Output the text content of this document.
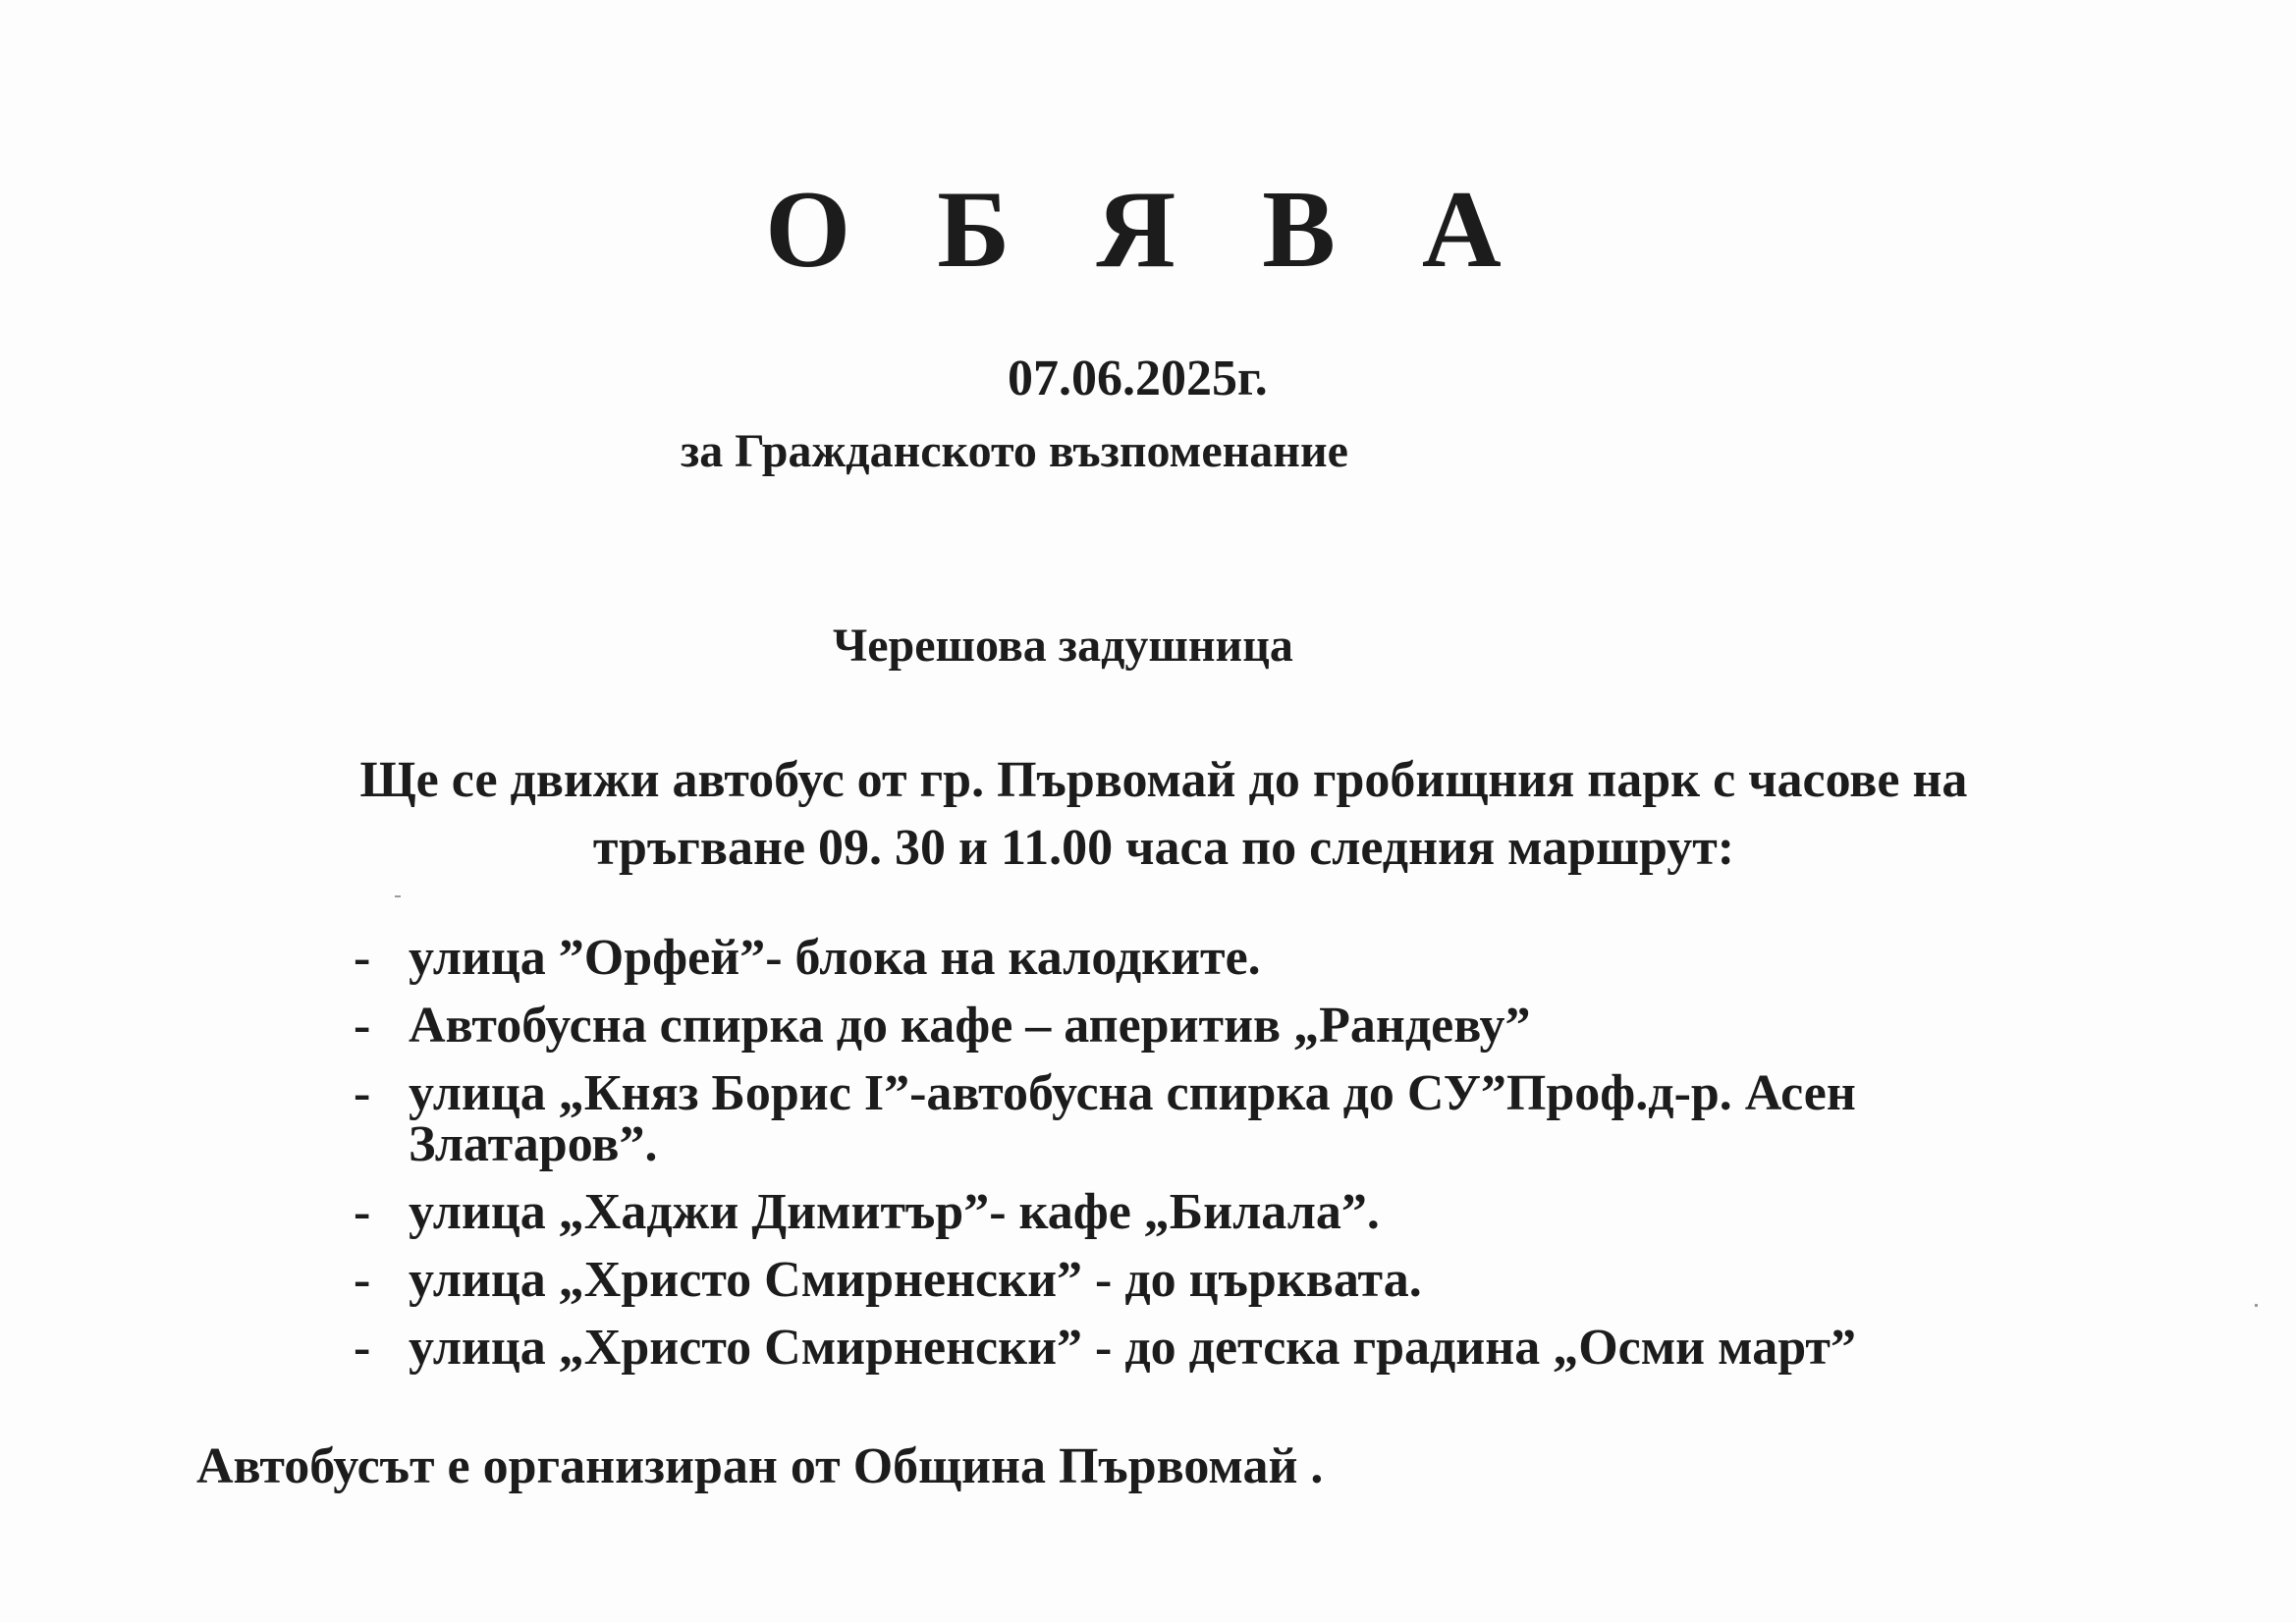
О Б Я В А
07.06.2025г.
за Гражданското възпоменание
Черешова задушница
Ще се движи автобус от гр. Първомай до гробищния парк с часове на тръгване 09. 30 и 11.00 часа по следния маршрут:
- улица ”Орфей”- блока на калодките.
- Автобусна спирка до кафе – аперитив „Рандеву”
- улица „Княз Борис I”-автобусна спирка до СУ”Проф.д-р. Асен Златаров”.
- улица „Хаджи Димитър”- кафе „Билала”.
- улица „Христо Смирненски” - до църквата.
- улица „Христо Смирненски” - до детска градина „Осми март”
Автобусът е организиран от Община Първомай .
